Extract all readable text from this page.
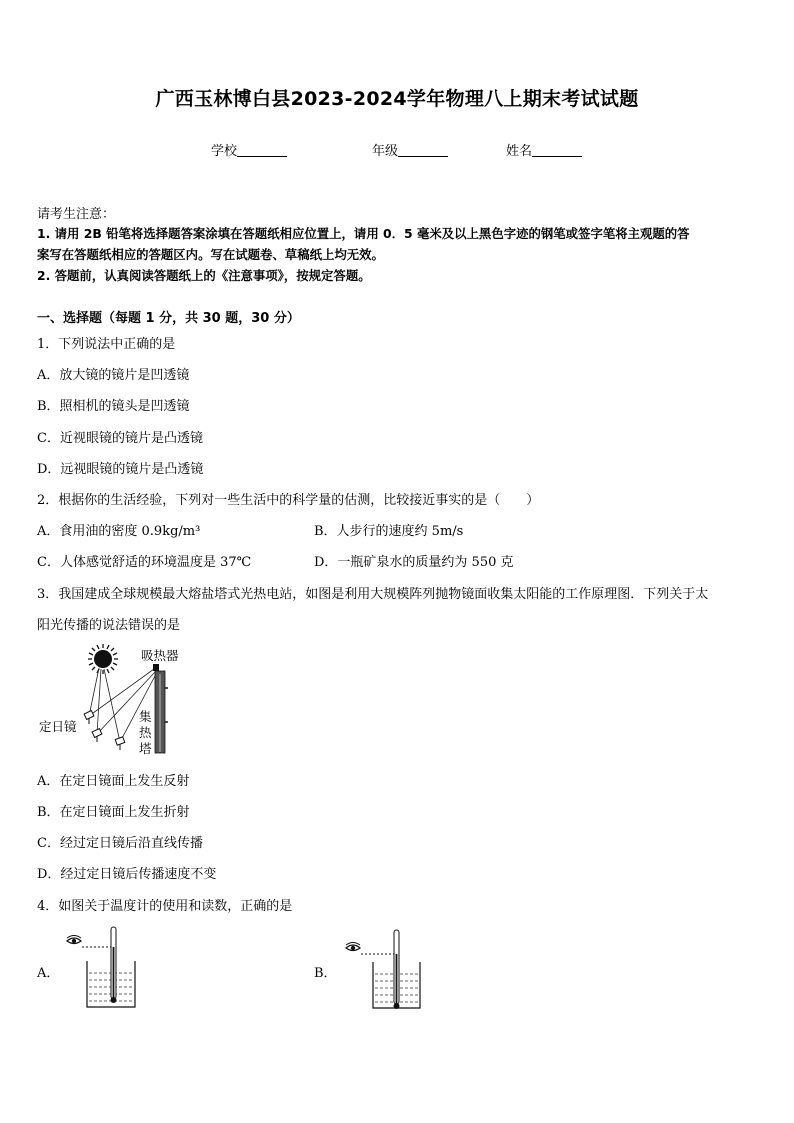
广西玉林博白县2023-2024学年物理八上期末考试试题
学校	年级	姓名
请考生注意：
1. 请用 2B 铅笔将选择题答案涂填在答题纸相应位置上，请用 0．5 毫米及以上黑色字迹的钢笔或签字笔将主观题的答
案写在答题纸相应的答题区内。写在试题卷、草稿纸上均无效。
2. 答题前，认真阅读答题纸上的《注意事项》，按规定答题。
一、选择题（每题 1 分，共 30 题，30 分）
1．下列说法中正确的是
A．放大镜的镜片是凹透镜
B．照相机的镜头是凹透镜
C．近视眼镜的镜片是凸透镜
D．远视眼镜的镜片是凸透镜
2．根据你的生活经验，下列对一些生活中的科学量的估测，比较接近事实的是（　　）
A．食用油的密度 0.9kg/m³	B．人步行的速度约 5m/s
C．人体感觉舒适的环境温度是 37℃	D．一瓶矿泉水的质量约为 550 克
3．我国建成全球规模最大熔盐塔式光热电站，如图是利用大规模阵列抛物镜面收集太阳能的工作原理图．下列关于太
阳光传播的说法错误的是
吸热器
定日镜
集
热
塔
A．在定日镜面上发生反射
B．在定日镜面上发生折射
C．经过定日镜后沿直线传播
D．经过定日镜后传播速度不变
4．如图关于温度计的使用和读数，正确的是
A．	B．
